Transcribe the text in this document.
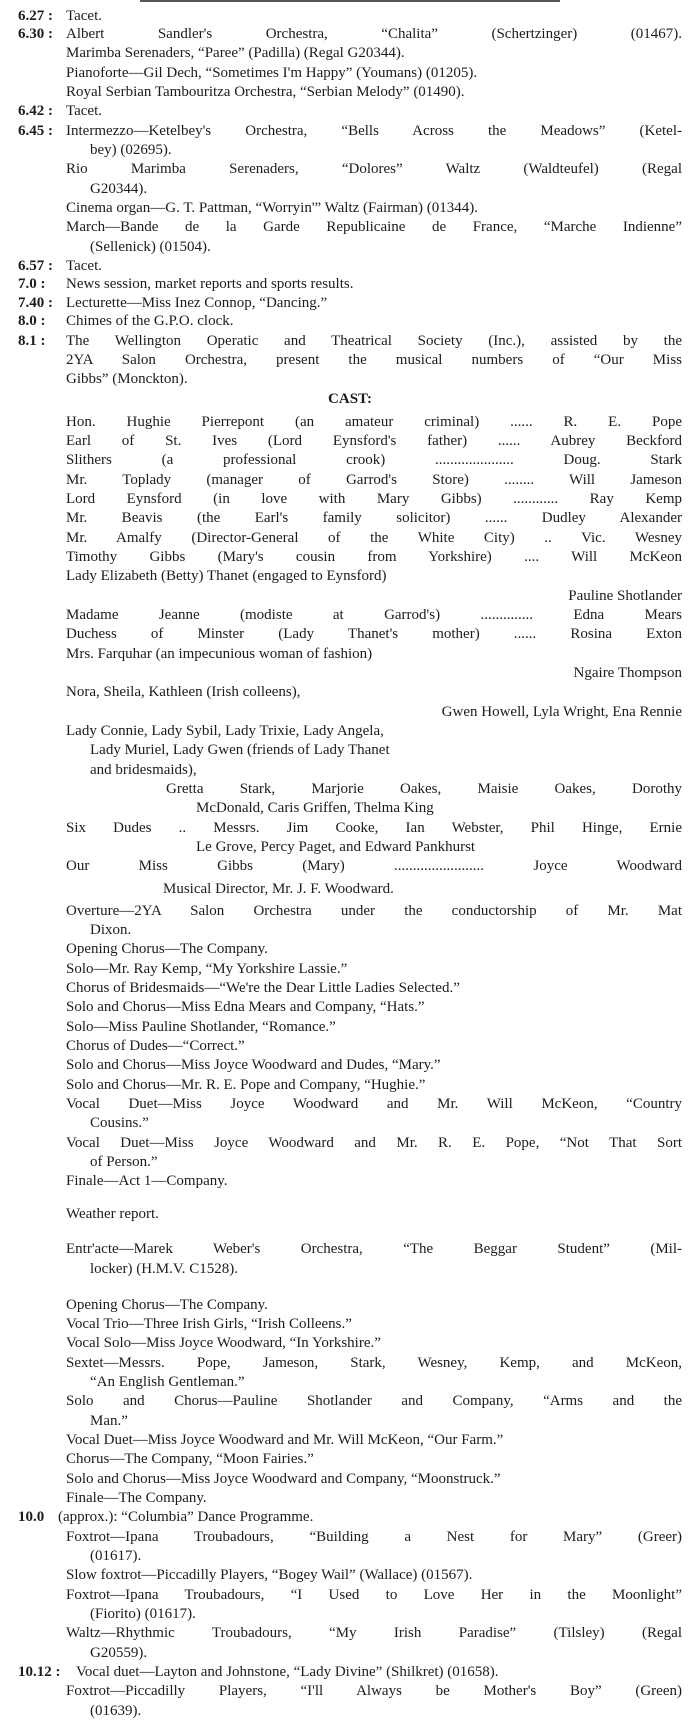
6.27 : Tacet.
6.30 : Albert Sandler's Orchestra, “Chalita” (Schertzinger) (01467).
Marimba Serenaders, “Paree” (Padilla) (Regal G20344).
Pianoforte—Gil Dech, “Sometimes I'm Happy” (Youmans) (01205).
Royal Serbian Tambouritza Orchestra, “Serbian Melody” (01490).
6.42 : Tacet.
6.45 : Intermezzo—Ketelbey's Orchestra, “Bells Across the Meadows” (Ketel-
bey) (02695).
Rio Marimba Serenaders, “Dolores” Waltz (Waldteufel) (Regal
G20344).
Cinema organ—G. T. Pattman, “Worryin'” Waltz (Fairman) (01344).
March—Bande de la Garde Republicaine de France, “Marche Indienne”
(Sellenick) (01504).
6.57 : Tacet.
7.0 : News session, market reports and sports results.
7.40 : Lecturette—Miss Inez Connop, “Dancing.”
8.0 : Chimes of the G.P.O. clock.
8.1 : The Wellington Operatic and Theatrical Society (Inc.), assisted by the
2YA Salon Orchestra, present the musical numbers of “Our Miss
Gibbs” (Monckton).
CAST:
Hon. Hughie Pierrepont (an amateur criminal) ...... R. E. Pope
Earl of St. Ives (Lord Eynsford's father) ...... Aubrey Beckford
Slithers (a professional crook) ..................... Doug. Stark
Mr. Toplady (manager of Garrod's Store) ........ Will Jameson
Lord Eynsford (in love with Mary Gibbs) ............ Ray Kemp
Mr. Beavis (the Earl's family solicitor) ...... Dudley Alexander
Mr. Amalfy (Director-General of the White City) .. Vic. Wesney
Timothy Gibbs (Mary's cousin from Yorkshire) .... Will McKeon
Lady Elizabeth (Betty) Thanet (engaged to Eynsford)
Pauline Shotlander
Madame Jeanne (modiste at Garrod's) .............. Edna Mears
Duchess of Minster (Lady Thanet's mother) ...... Rosina Exton
Mrs. Farquhar (an impecunious woman of fashion)
Ngaire Thompson
Nora, Sheila, Kathleen (Irish colleens),
Gwen Howell, Lyla Wright, Ena Rennie
Lady Connie, Lady Sybil, Lady Trixie, Lady Angela,
Lady Muriel, Lady Gwen (friends of Lady Thanet
and bridesmaids),
Gretta Stark, Marjorie Oakes, Maisie Oakes, Dorothy
McDonald, Caris Griffen, Thelma King
Six Dudes .. Messrs. Jim Cooke, Ian Webster, Phil Hinge, Ernie
Le Grove, Percy Paget, and Edward Pankhurst
Our Miss Gibbs (Mary) ........................ Joyce Woodward
Musical Director, Mr. J. F. Woodward.
Overture—2YA Salon Orchestra under the conductorship of Mr. Mat
Dixon.
Opening Chorus—The Company.
Solo—Mr. Ray Kemp, “My Yorkshire Lassie.”
Chorus of Bridesmaids—“We're the Dear Little Ladies Selected.”
Solo and Chorus—Miss Edna Mears and Company, “Hats.”
Solo—Miss Pauline Shotlander, “Romance.”
Chorus of Dudes—“Correct.”
Solo and Chorus—Miss Joyce Woodward and Dudes, “Mary.”
Solo and Chorus—Mr. R. E. Pope and Company, “Hughie.”
Vocal Duet—Miss Joyce Woodward and Mr. Will McKeon, “Country
Cousins.”
Vocal Duet—Miss Joyce Woodward and Mr. R. E. Pope, “Not That Sort
of Person.”
Finale—Act 1—Company.
Weather report.
Entr'acte—Marek Weber's Orchestra, “The Beggar Student” (Mil-
locker) (H.M.V. C1528).
Opening Chorus—The Company.
Vocal Trio—Three Irish Girls, “Irish Colleens.”
Vocal Solo—Miss Joyce Woodward, “In Yorkshire.”
Sextet—Messrs. Pope, Jameson, Stark, Wesney, Kemp, and McKeon,
“An English Gentleman.”
Solo and Chorus—Pauline Shotlander and Company, “Arms and the
Man.”
Vocal Duet—Miss Joyce Woodward and Mr. Will McKeon, “Our Farm.”
Chorus—The Company, “Moon Fairies.”
Solo and Chorus—Miss Joyce Woodward and Company, “Moonstruck.”
Finale—The Company.
10.0 (approx.): “Columbia” Dance Programme.
Foxtrot—Ipana Troubadours, “Building a Nest for Mary” (Greer)
(01617).
Slow foxtrot—Piccadilly Players, “Bogey Wail” (Wallace) (01567).
Foxtrot—Ipana Troubadours, “I Used to Love Her in the Moonlight”
(Fiorito) (01617).
Waltz—Rhythmic Troubadours, “My Irish Paradise” (Tilsley) (Regal
G20559).
10.12 : Vocal duet—Layton and Johnstone, “Lady Divine” (Shilkret) (01658).
Foxtrot—Piccadilly Players, “I'll Always be Mother's Boy” (Green)
(01639).
